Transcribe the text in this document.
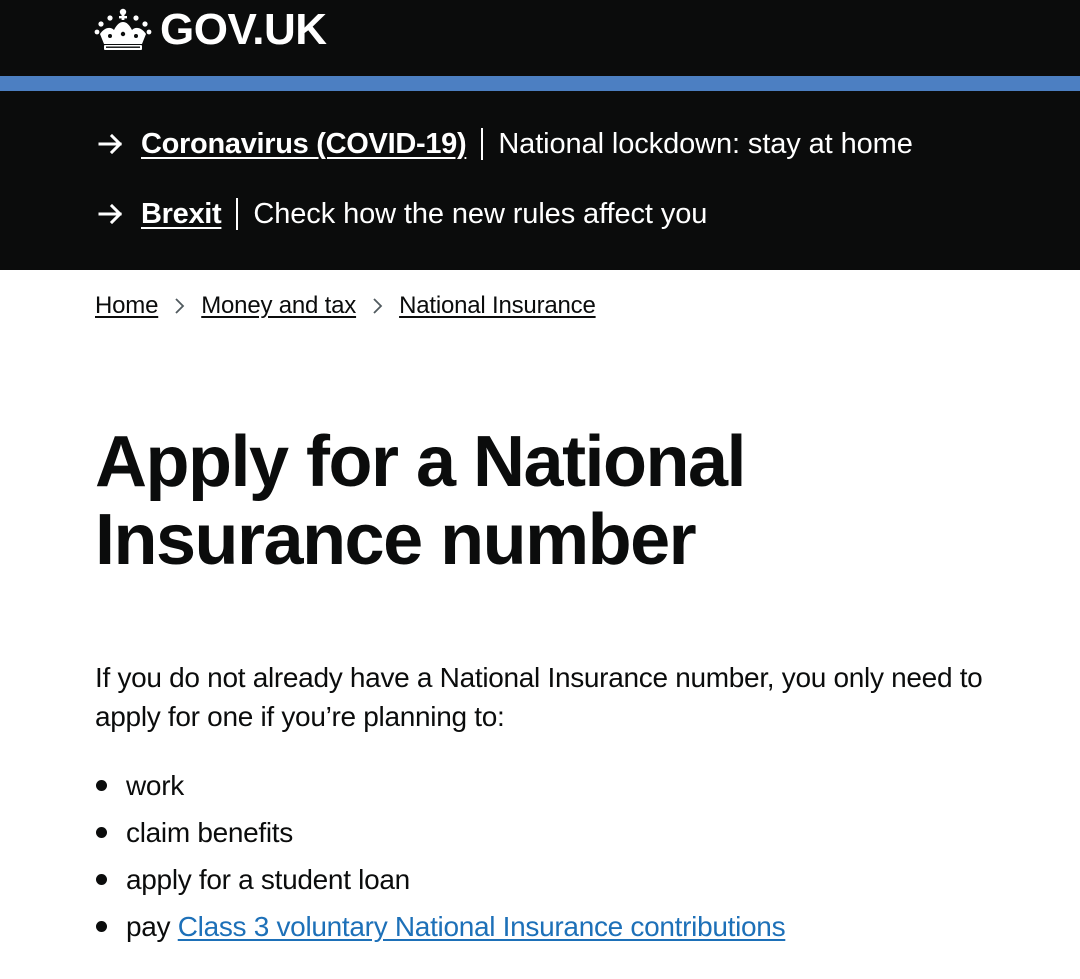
GOV.UK
Coronavirus (COVID-19) National lockdown: stay at home
Brexit Check how the new rules affect you
Home Money and tax National Insurance
Apply for a National Insurance number

If you do not already have a National Insurance number, you only need to apply for one if you’re planning to:

work
claim benefits
apply for a student loan
pay Class 3 voluntary National Insurance contributions
